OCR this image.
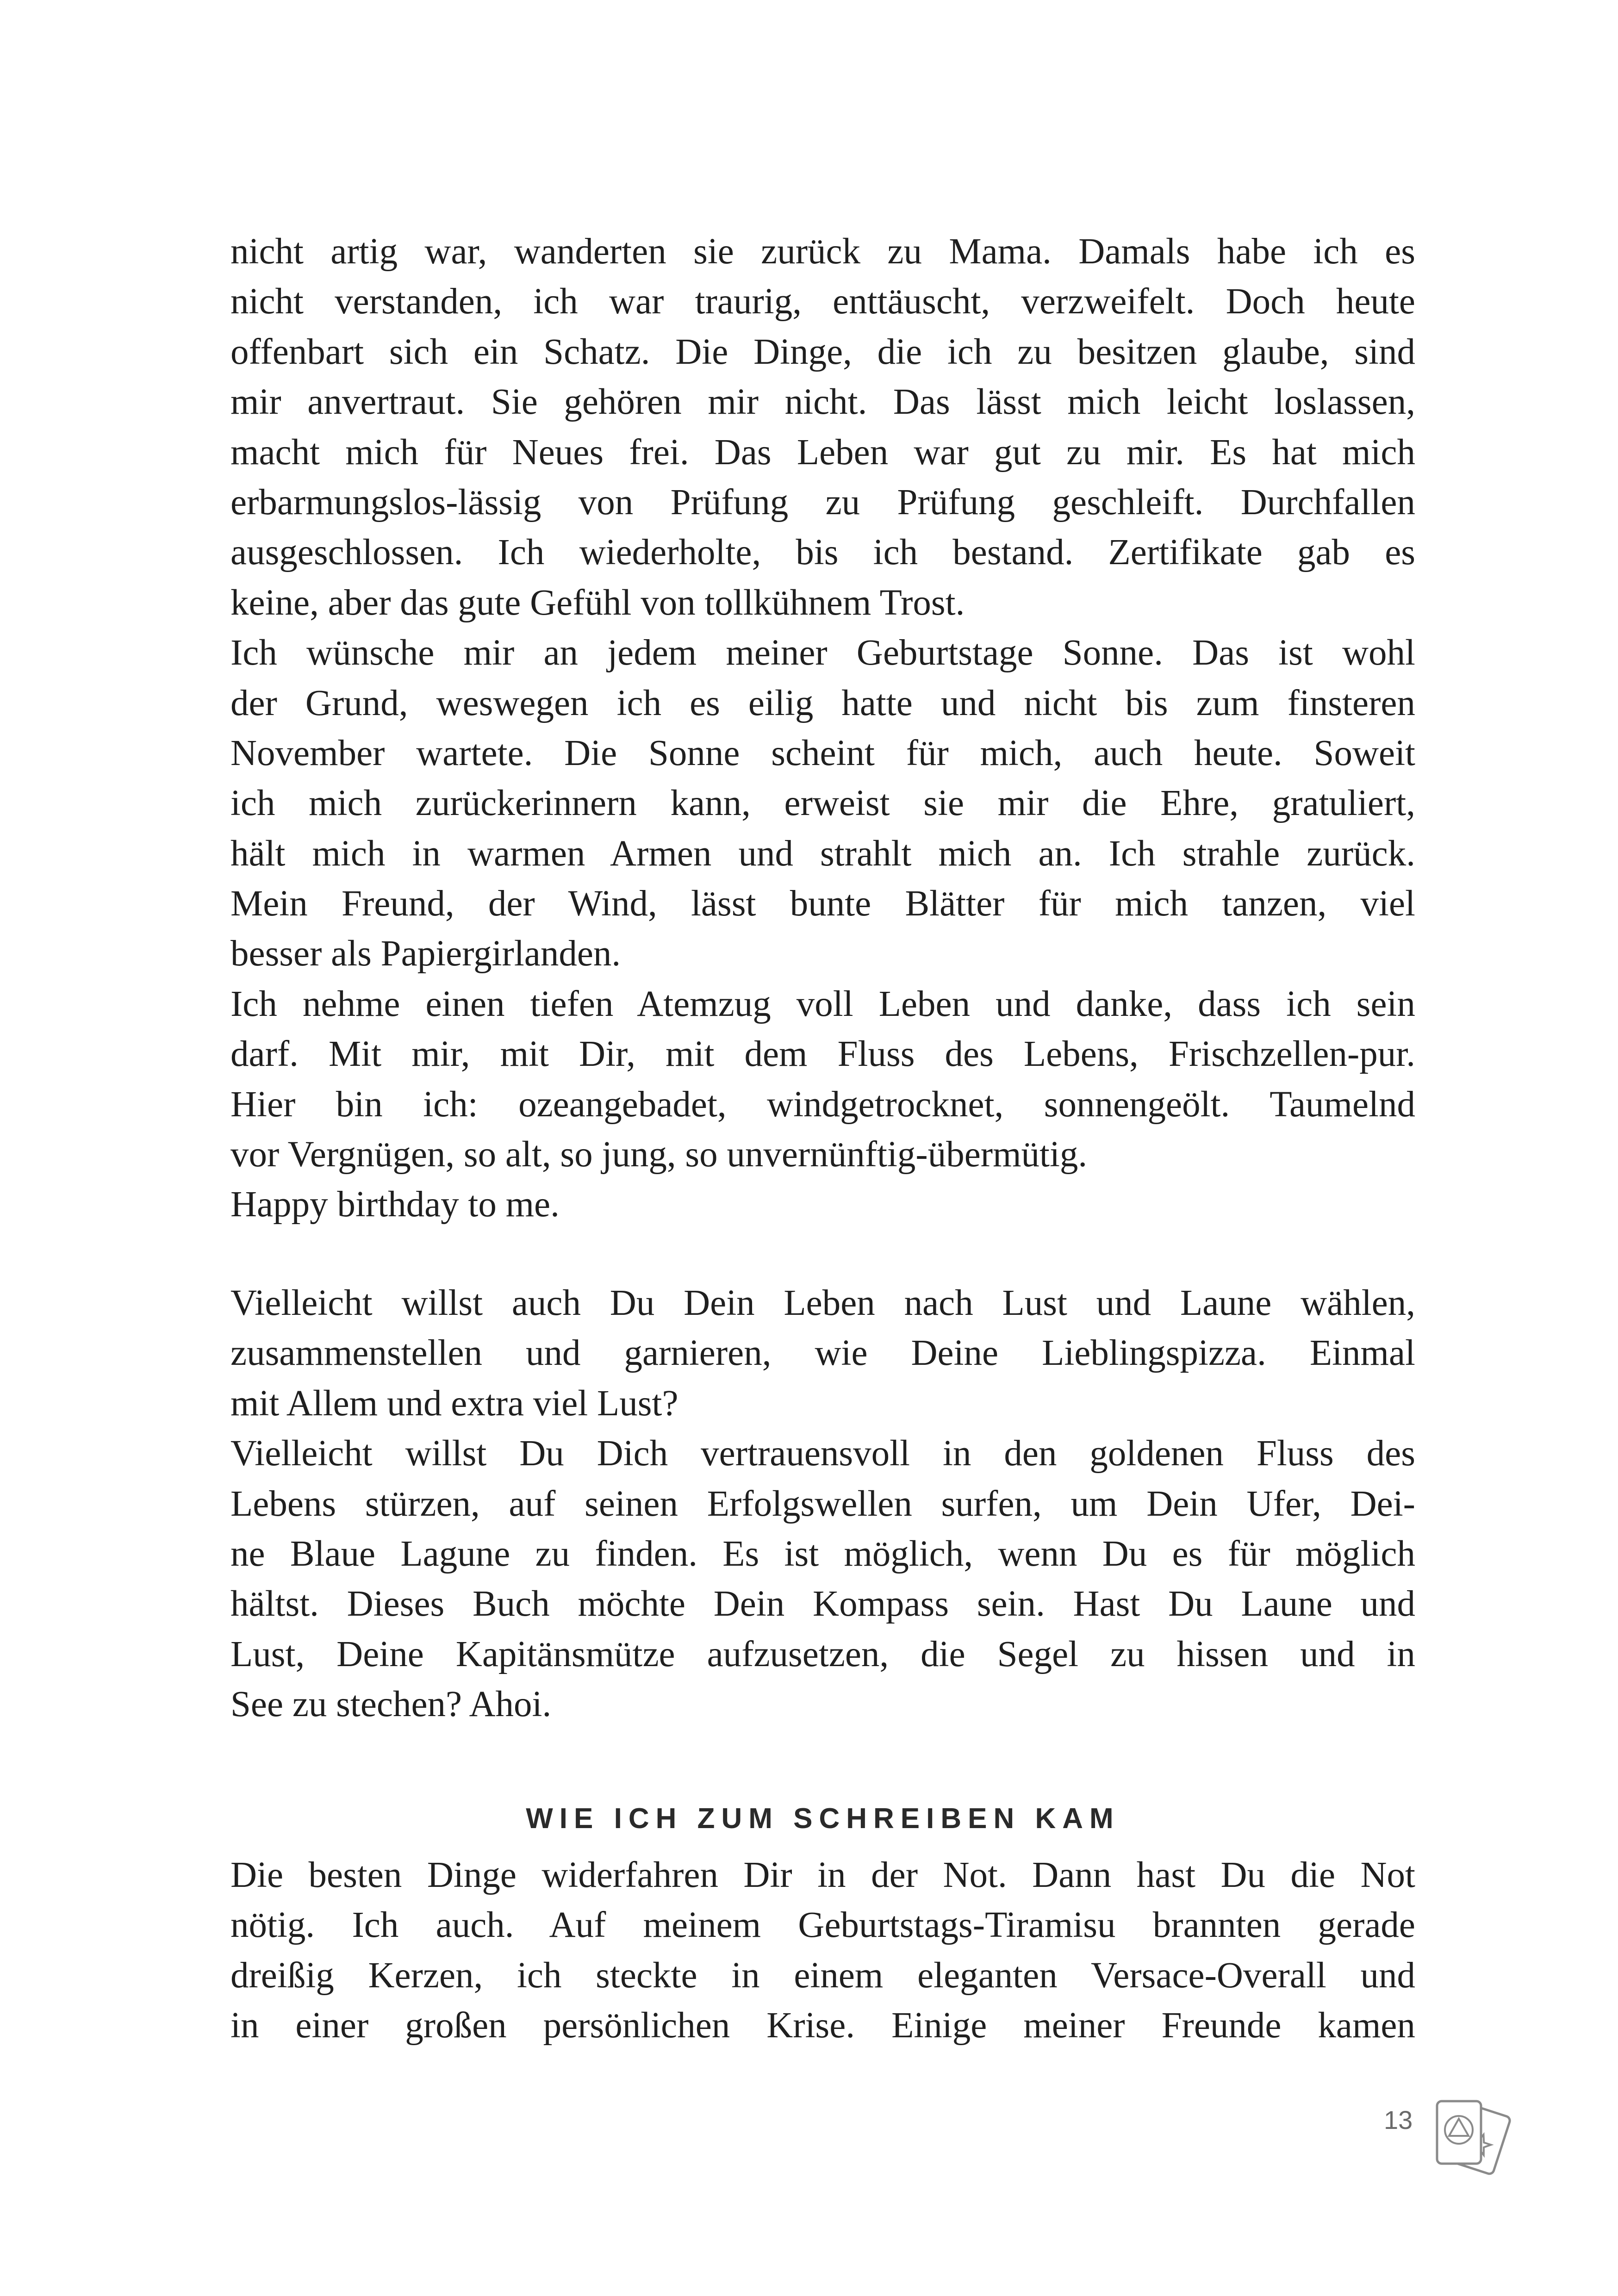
nicht artig war, wanderten sie zurück zu Mama. Damals habe ich es
nicht verstanden, ich war traurig, enttäuscht, verzweifelt. Doch heute
offenbart sich ein Schatz. Die Dinge, die ich zu besitzen glaube, sind
mir anvertraut. Sie gehören mir nicht. Das lässt mich leicht loslassen,
macht mich für Neues frei. Das Leben war gut zu mir. Es hat mich
erbarmungslos-lässig von Prüfung zu Prüfung geschleift. Durchfallen
ausgeschlossen. Ich wiederholte, bis ich bestand. Zertifikate gab es
keine, aber das gute Gefühl von tollkühnem Trost.
Ich wünsche mir an jedem meiner Geburtstage Sonne. Das ist wohl
der Grund, weswegen ich es eilig hatte und nicht bis zum finsteren
November wartete. Die Sonne scheint für mich, auch heute. Soweit
ich mich zurückerinnern kann, erweist sie mir die Ehre, gratuliert,
hält mich in warmen Armen und strahlt mich an. Ich strahle zurück.
Mein Freund, der Wind, lässt bunte Blätter für mich tanzen, viel
besser als Papiergirlanden.
Ich nehme einen tiefen Atemzug voll Leben und danke, dass ich sein
darf. Mit mir, mit Dir, mit dem Fluss des Lebens, Frischzellen-pur.
Hier bin ich: ozeangebadet, windgetrocknet, sonnengeölt. Taumelnd
vor Vergnügen, so alt, so jung, so unvernünftig-übermütig.
Happy birthday to me.
Vielleicht willst auch Du Dein Leben nach Lust und Laune wählen,
zusammenstellen und garnieren, wie Deine Lieblingspizza. Einmal
mit Allem und extra viel Lust?
Vielleicht willst Du Dich vertrauensvoll in den goldenen Fluss des
Lebens stürzen, auf seinen Erfolgswellen surfen, um Dein Ufer, Dei-
ne Blaue Lagune zu finden. Es ist möglich, wenn Du es für möglich
hältst. Dieses Buch möchte Dein Kompass sein. Hast Du Laune und
Lust, Deine Kapitänsmütze aufzusetzen, die Segel zu hissen und in
See zu stechen? Ahoi.
WIE ICH ZUM SCHREIBEN KAM
Die besten Dinge widerfahren Dir in der Not. Dann hast Du die Not
nötig. Ich auch. Auf meinem Geburtstags-Tiramisu brannten gerade
dreißig Kerzen, ich steckte in einem eleganten Versace-Overall und
in einer großen persönlichen Krise. Einige meiner Freunde kamen
13
